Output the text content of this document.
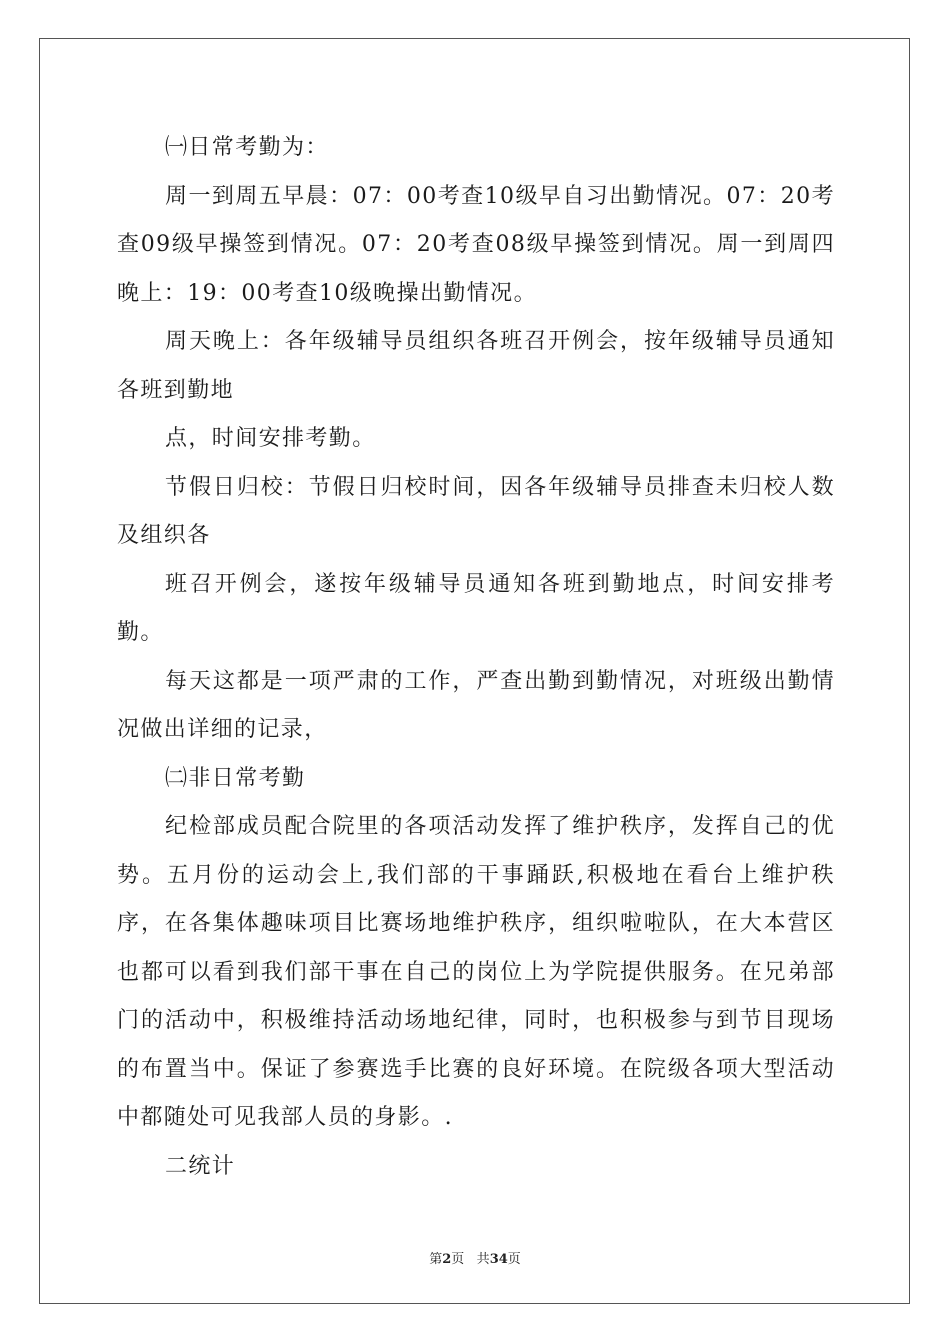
㈠日常考勤为：

周一到周五早晨：07：00考查10级早自习出勤情况。07：20考查09级早操签到情况。07：20考查08级早操签到情况。周一到周四晚上：19：00考查10级晚操出勤情况。

周天晚上：各年级辅导员组织各班召开例会，按年级辅导员通知各班到勤地

点，时间安排考勤。

节假日归校：节假日归校时间，因各年级辅导员排查未归校人数及组织各

班召开例会，遂按年级辅导员通知各班到勤地点，时间安排考勤。

每天这都是一项严肃的工作，严查出勤到勤情况，对班级出勤情况做出详细的记录，

㈡非日常考勤

纪检部成员配合院里的各项活动发挥了维护秩序，发挥自己的优势。五月份的运动会上,我们部的干事踊跃,积极地在看台上维护秩序，在各集体趣味项目比赛场地维护秩序，组织啦啦队，在大本营区也都可以看到我们部干事在自己的岗位上为学院提供服务。在兄弟部门的活动中，积极维持活动场地纪律，同时，也积极参与到节目现场的布置当中。保证了参赛选手比赛的良好环境。在院级各项大型活动中都随处可见我部人员的身影。.

二统计

第2页 共34页
